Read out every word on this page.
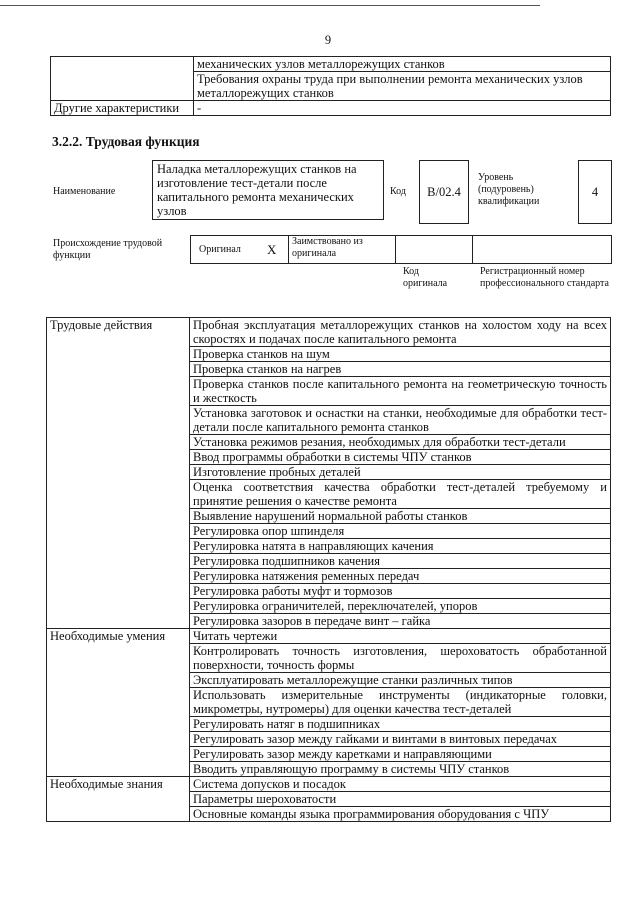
9
	механических узлов металлорежущих станков
	Требования охраны труда при выполнении ремонта механических узлов металлорежущих станков
Другие характеристики	-
3.2.2. Трудовая функция
Наименование
Наладка металлорежущих станков на изготовление тест-детали после капитального ремонта механических узлов
Код	B/02.4
Уровень (подуровень) квалификации
4
Происхождение трудовой функции
Оригинал	X	Заимствовано из оригинала		
Код оригинала
Регистрационный номер профессионального стандарта
Трудовые действия	Пробная эксплуатация металлорежущих станков на холостом ходу на всех скоростях и подачах после капитального ремонта
	Проверка станков на шум
	Проверка станков на нагрев
	Проверка станков после капитального ремонта на геометрическую точность и жесткость
	Установка заготовок и оснастки на станки, необходимые для обработки тест-детали после капитального ремонта станков
	Установка режимов резания, необходимых для обработки тест-детали
	Ввод программы обработки в системы ЧПУ станков
	Изготовление пробных деталей
	Оценка соответствия качества обработки тест-деталей требуемому и принятие решения о качестве ремонта
	Выявление нарушений нормальной работы станков
	Регулировка опор шпинделя
	Регулировка натята в направляющих качения
	Регулировка подшипников качения
	Регулировка натяжения ременных передач
	Регулировка работы муфт и тормозов
	Регулировка ограничителей, переключателей, упоров
	Регулировка зазоров в передаче винт – гайка
Необходимые умения	Читать чертежи
	Контролировать точность изготовления, шероховатость обработанной поверхности, точность формы
	Эксплуатировать металлорежущие станки различных типов
	Использовать измерительные инструменты (индикаторные головки, микрометры, нутромеры) для оценки качества тест-деталей
	Регулировать натяг в подшипниках
	Регулировать зазор между гайками и винтами в винтовых передачах
	Регулировать зазор между каретками и направляющими
	Вводить управляющую программу в системы ЧПУ станков
Необходимые знания	Система допусков и посадок
	Параметры шероховатости
	Основные команды языка программирования оборудования с ЧПУ
